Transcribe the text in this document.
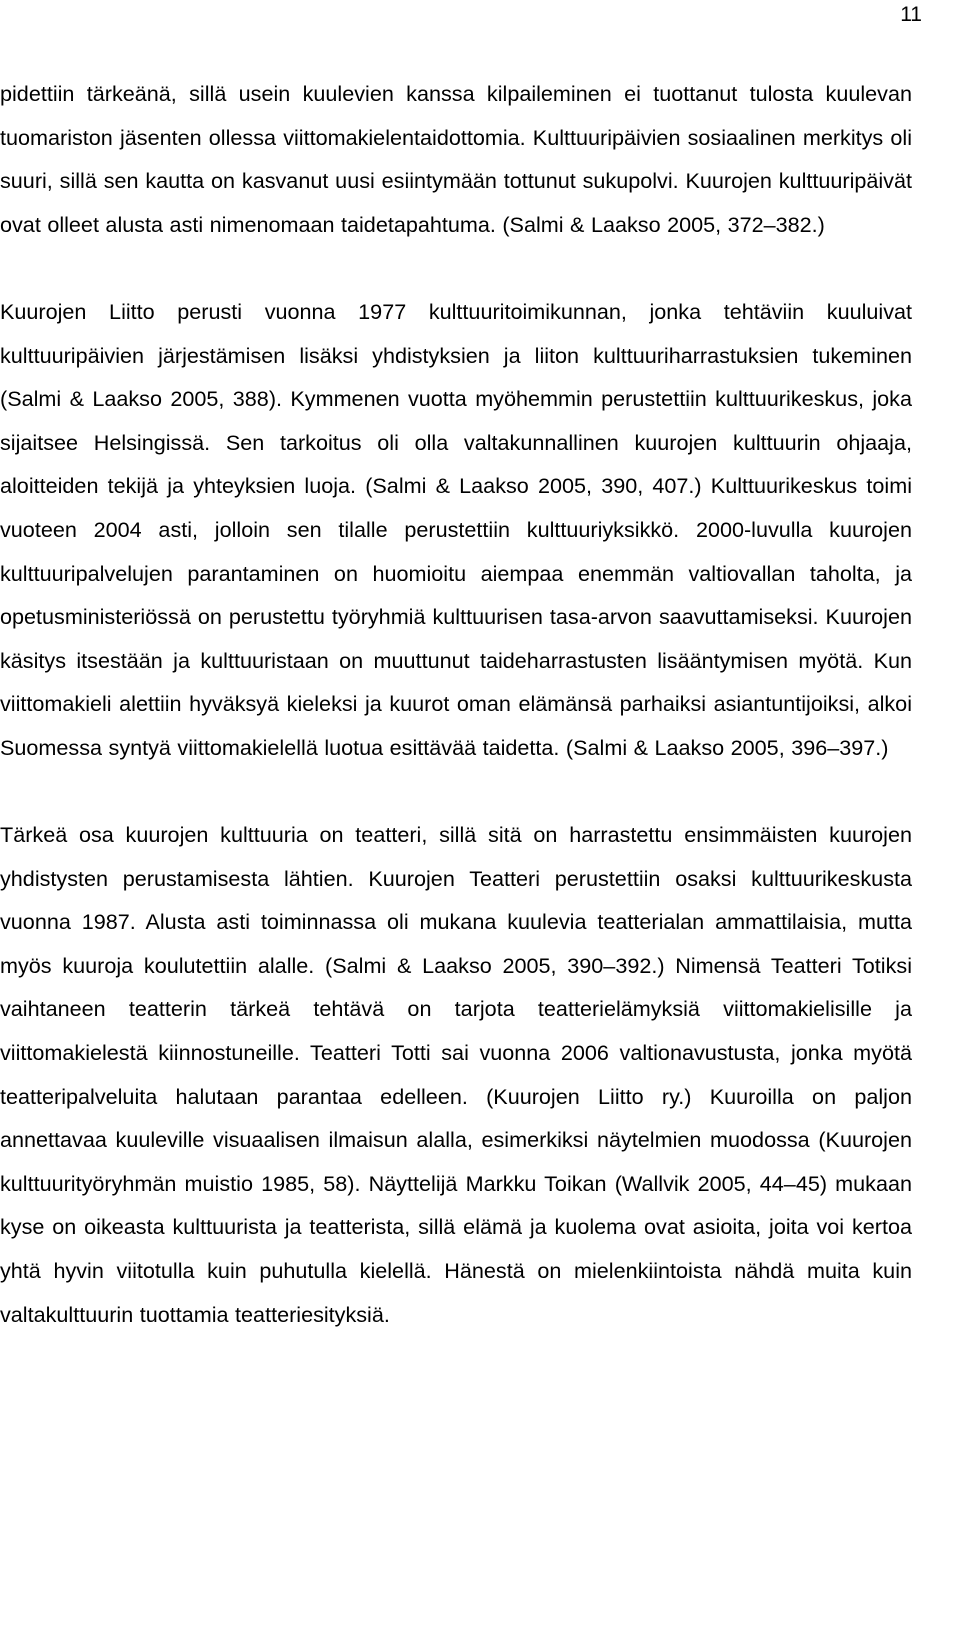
11

pidettiin tärkeänä, sillä usein kuulevien kanssa kilpaileminen ei tuottanut tulosta kuulevan tuomariston jäsenten ollessa viittomakielentaidottomia. Kulttuuripäivien sosiaalinen merkitys oli suuri, sillä sen kautta on kasvanut uusi esiintymään tottunut sukupolvi. Kuurojen kulttuuripäivät ovat olleet alusta asti nimenomaan taidetapahtuma. (Salmi & Laakso 2005, 372–382.)

Kuurojen Liitto perusti vuonna 1977 kulttuuritoimikunnan, jonka tehtäviin kuuluivat kulttuuripäivien järjestämisen lisäksi yhdistyksien ja liiton kulttuuriharrastuksien tukeminen (Salmi & Laakso 2005, 388). Kymmenen vuotta myöhemmin perustettiin kulttuurikeskus, joka sijaitsee Helsingissä. Sen tarkoitus oli olla valtakunnallinen kuurojen kulttuurin ohjaaja, aloitteiden tekijä ja yhteyksien luoja. (Salmi & Laakso 2005, 390, 407.) Kulttuurikeskus toimi vuoteen 2004 asti, jolloin sen tilalle perustettiin kulttuuriyksikkö. 2000-luvulla kuurojen kulttuuripalvelujen parantaminen on huomioitu aiempaa enemmän valtiovallan taholta, ja opetusministeriössä on perustettu työryhmiä kulttuurisen tasa-arvon saavuttamiseksi. Kuurojen käsitys itsestään ja kulttuuristaan on muuttunut taideharrastusten lisääntymisen myötä. Kun viittomakieli alettiin hyväksyä kieleksi ja kuurot oman elämänsä parhaiksi asiantuntijoiksi, alkoi Suomessa syntyä viittomakielellä luotua esittävää taidetta. (Salmi & Laakso 2005, 396–397.)

Tärkeä osa kuurojen kulttuuria on teatteri, sillä sitä on harrastettu ensimmäisten kuurojen yhdistysten perustamisesta lähtien. Kuurojen Teatteri perustettiin osaksi kulttuurikeskusta vuonna 1987. Alusta asti toiminnassa oli mukana kuulevia teatterialan ammattilaisia, mutta myös kuuroja koulutettiin alalle. (Salmi & Laakso 2005, 390–392.) Nimensä Teatteri Totiksi vaihtaneen teatterin tärkeä tehtävä on tarjota teatterielämyksiä viittomakielisille ja viittomakielestä kiinnostuneille. Teatteri Totti sai vuonna 2006 valtionavustusta, jonka myötä teatteripalveluita halutaan parantaa edelleen. (Kuurojen Liitto ry.) Kuuroilla on paljon annettavaa kuuleville visuaalisen ilmaisun alalla, esimerkiksi näytelmien muodossa (Kuurojen kulttuurityöryhmän muistio 1985, 58). Näyttelijä Markku Toikan (Wallvik 2005, 44–45) mukaan kyse on oikeasta kulttuurista ja teatterista, sillä elämä ja kuolema ovat asioita, joita voi kertoa yhtä hyvin viitotulla kuin puhutulla kielellä. Hänestä on mielenkiintoista nähdä muita kuin valtakulttuurin tuottamia teatteriesityksiä.
